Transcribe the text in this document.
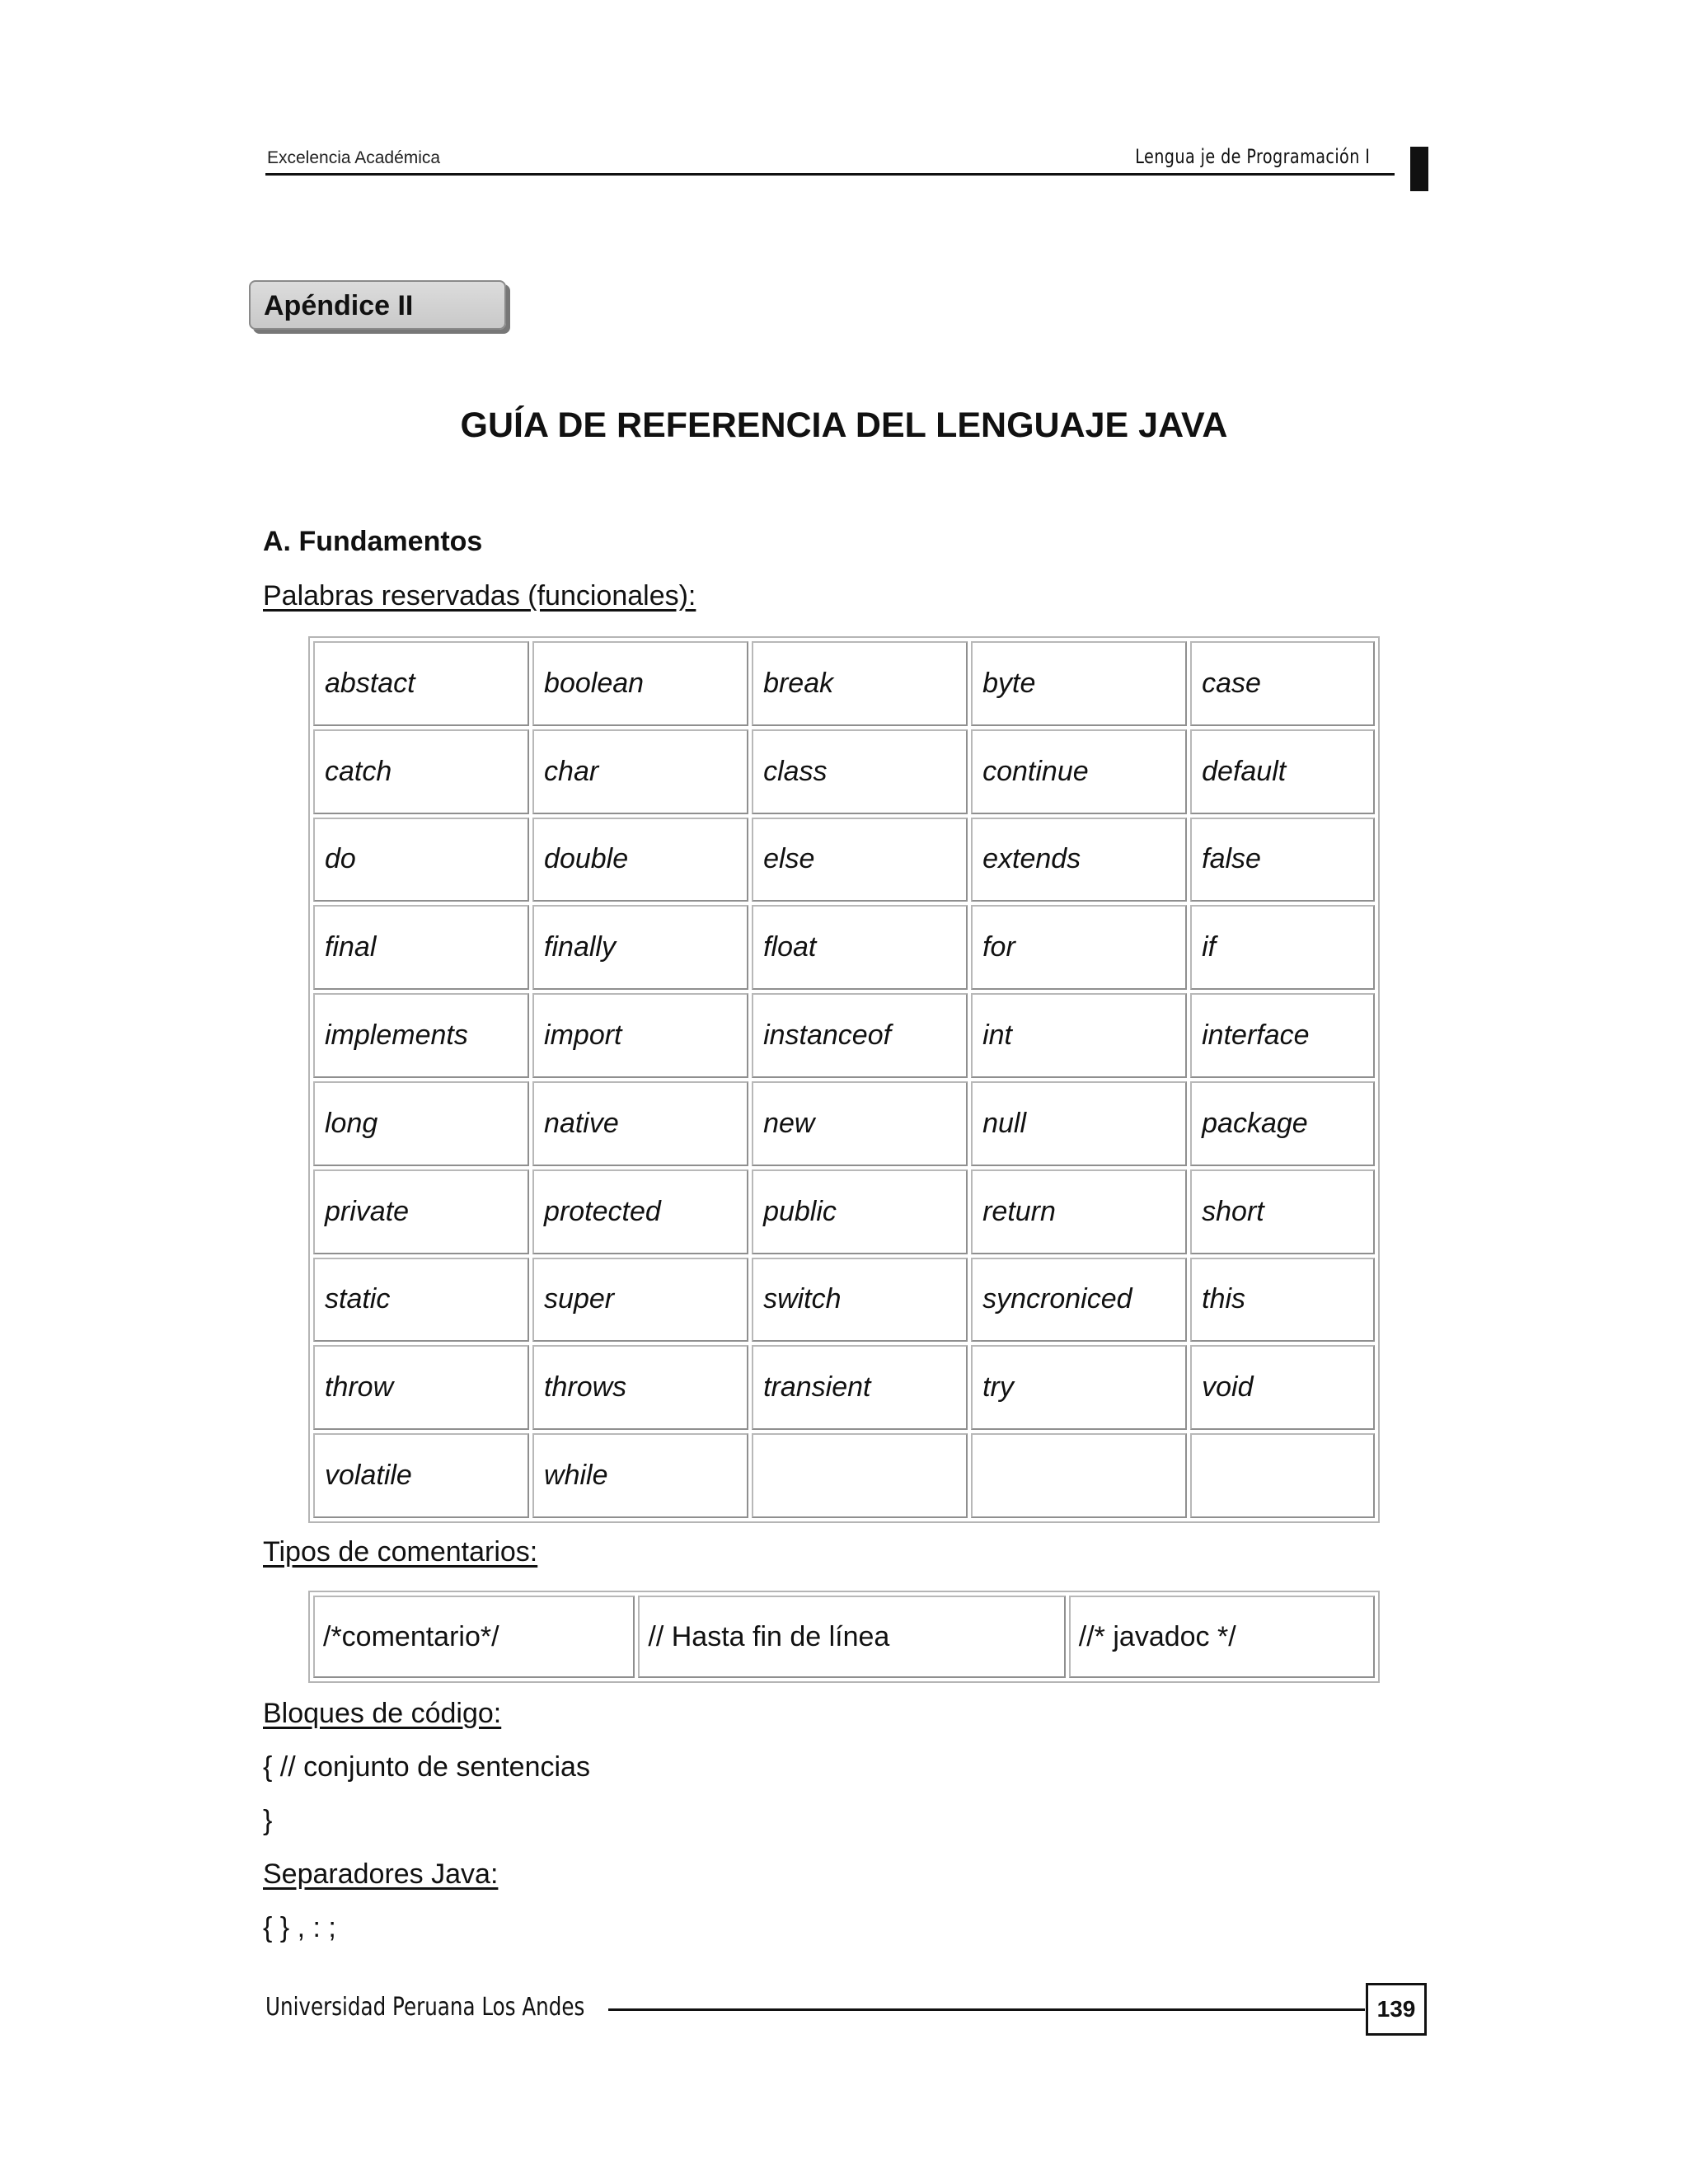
Excelencia Académica	Lengua je de Programación I
Apéndice II
GUÍA DE REFERENCIA DEL LENGUAJE JAVA
A. Fundamentos
Palabras reservadas (funcionales):
abstact	boolean	break	byte	case
catch	char	class	continue	default
do	double	else	extends	false
final	finally	float	for	if
implements	import	instanceof	int	interface
long	native	new	null	package
private	protected	public	return	short
static	super	switch	syncroniced	this
throw	throws	transient	try	void
volatile	while			
Tipos de comentarios:
/*comentario*/	// Hasta fin de línea	//* javadoc */
Bloques de código:
{ // conjunto de sentencias
}
Separadores Java:
{ } , : ;
Universidad Peruana Los Andes	139
